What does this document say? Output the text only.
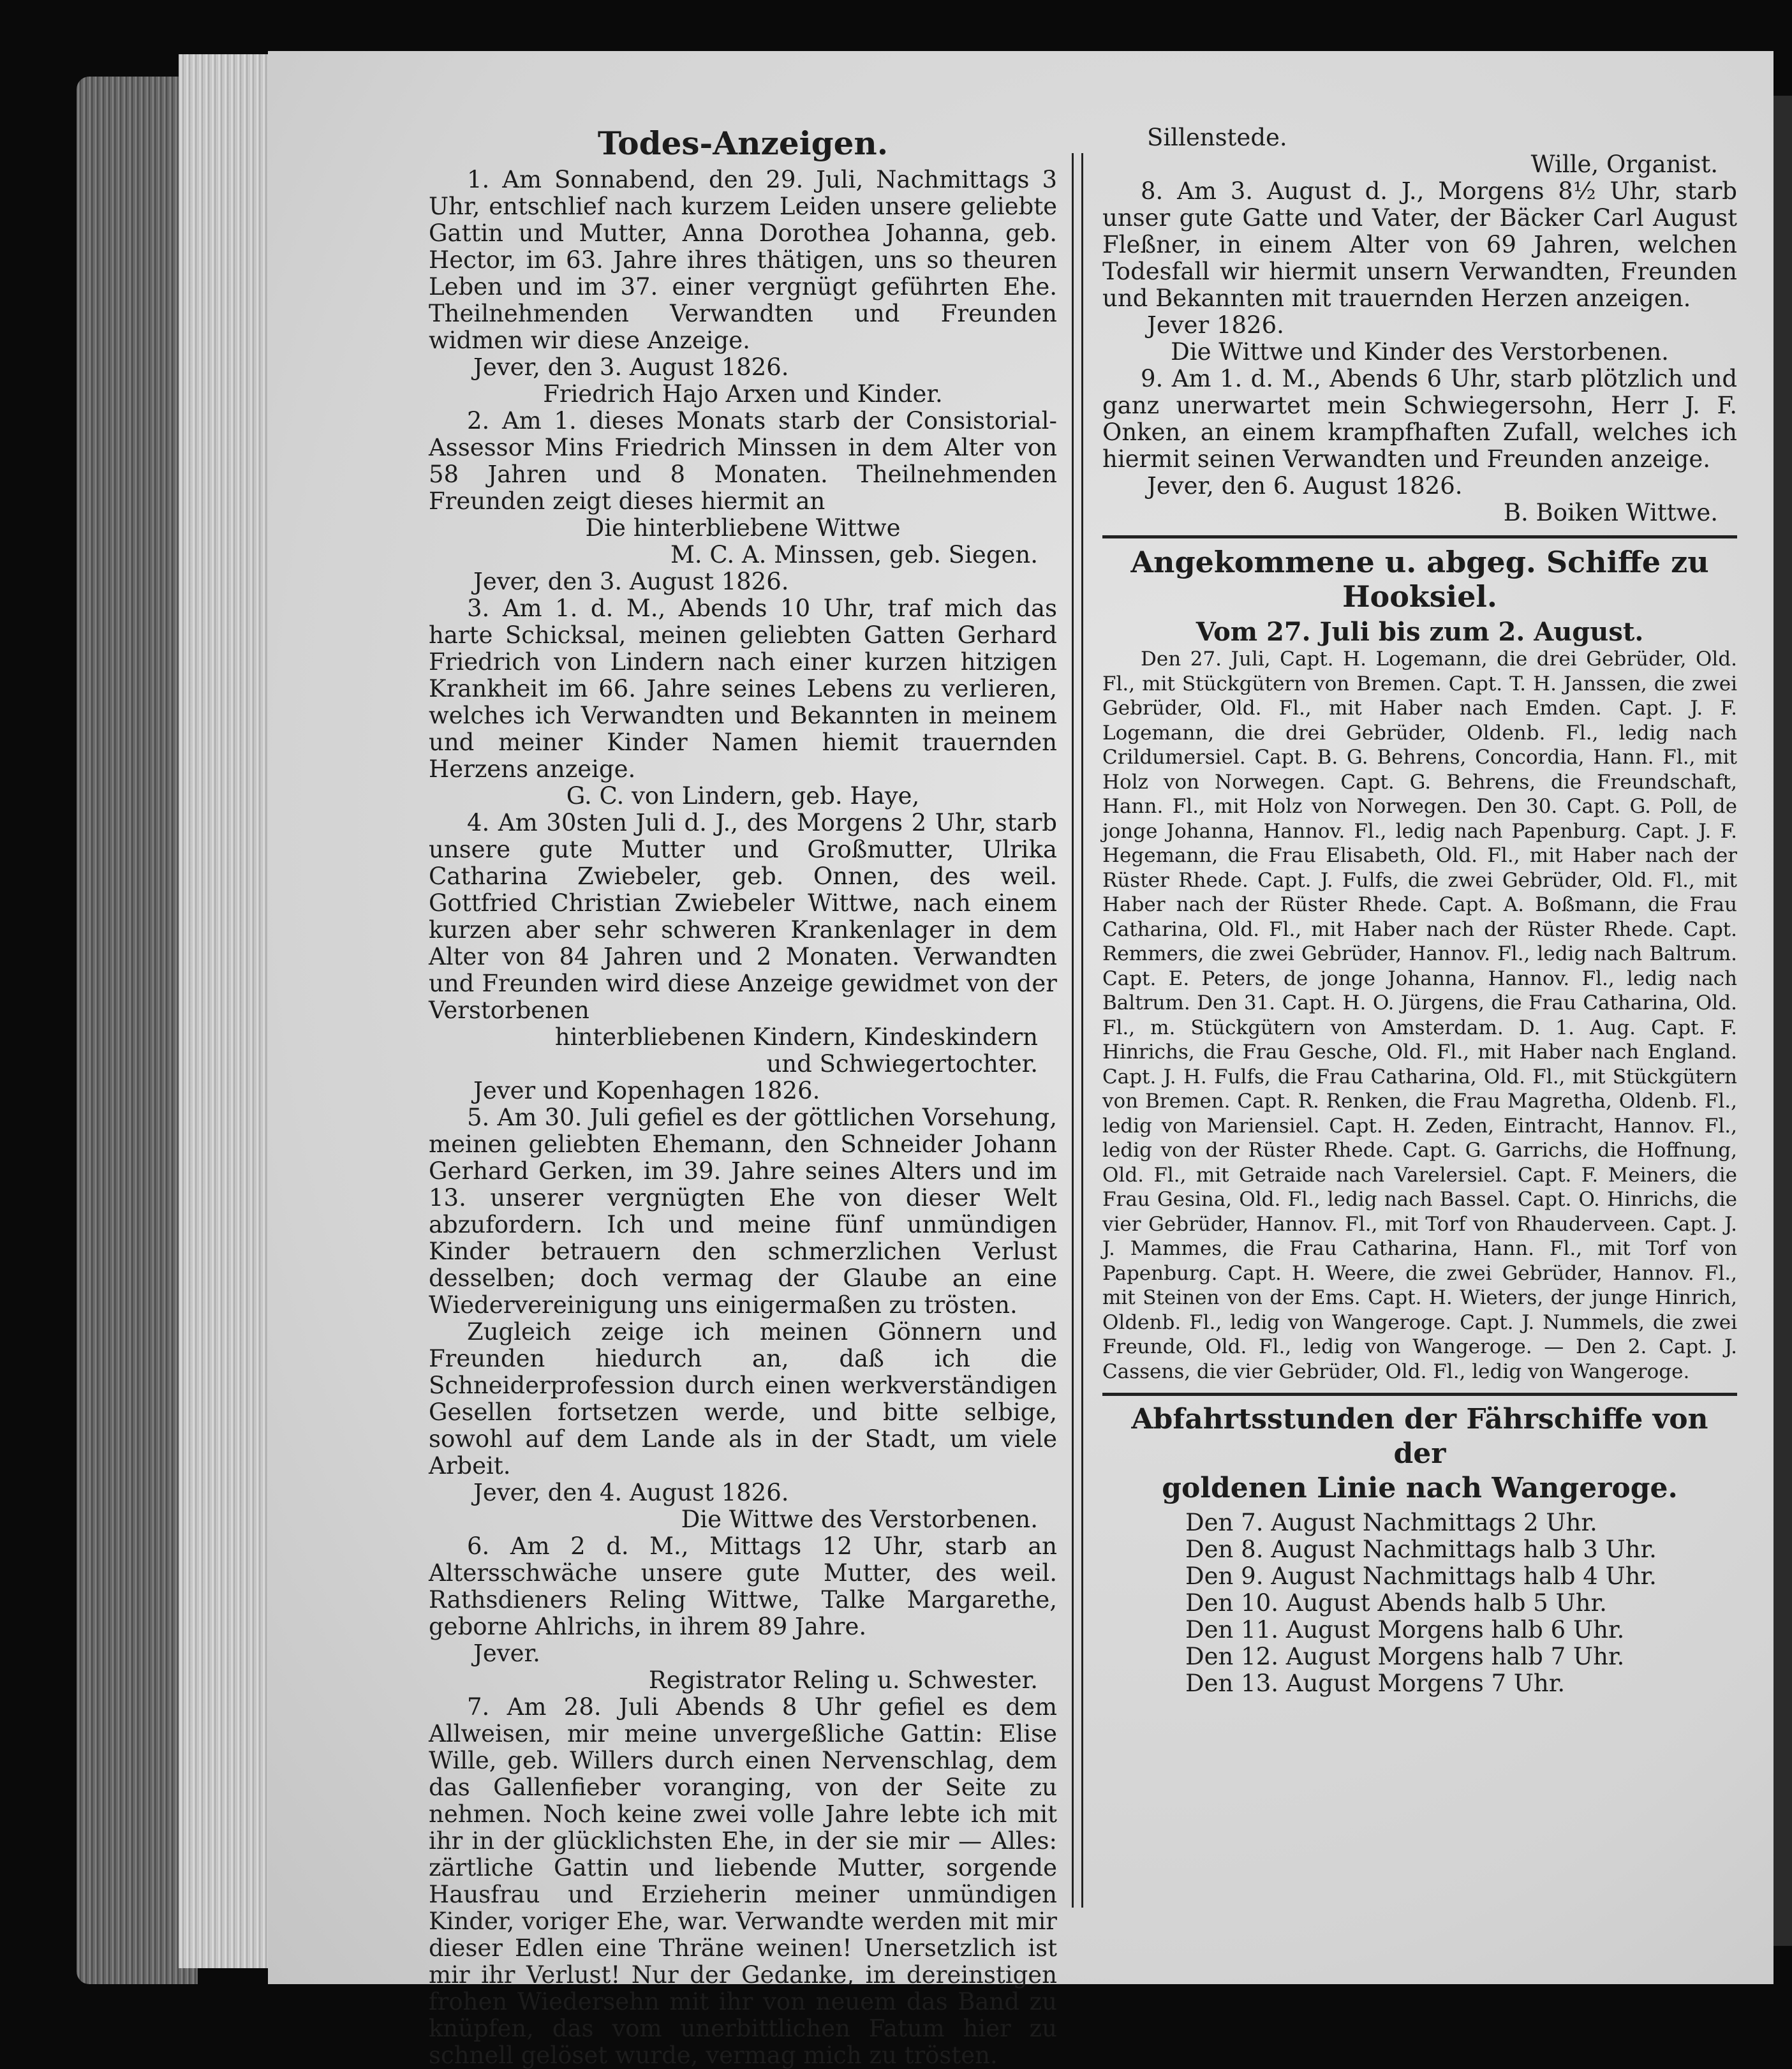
Todes-Anzeigen.

1. Am Sonnabend, den 29. Juli, Nachmittags 3 Uhr, entschlief nach kurzem Leiden unsere geliebte Gattin und Mutter, Anna Dorothea Johanna, geb. Hector, im 63. Jahre ihres thätigen, uns so theuren Leben und im 37. einer vergnügt geführten Ehe. Theilnehmenden Verwandten und Freunden widmen wir diese Anzeige.

Jever, den 3. August 1826.

Friedrich Hajo Arxen und Kinder.

2. Am 1. dieses Monats starb der Consistorial-Assessor Mins Friedrich Minssen in dem Alter von 58 Jahren und 8 Monaten. Theilnehmenden Freunden zeigt dieses hiermit an

Die hinterbliebene Wittwe

M. C. A. Minssen, geb. Siegen.

Jever, den 3. August 1826.

3. Am 1. d. M., Abends 10 Uhr, traf mich das harte Schicksal, meinen geliebten Gatten Gerhard Friedrich von Lindern nach einer kurzen hitzigen Krankheit im 66. Jahre seines Lebens zu verlieren, welches ich Verwandten und Bekannten in meinem und meiner Kinder Namen hiemit trauernden Herzens anzeige.

G. C. von Lindern, geb. Haye,

4. Am 30sten Juli d. J., des Morgens 2 Uhr, starb unsere gute Mutter und Großmutter, Ulrika Catharina Zwiebeler, geb. Onnen, des weil. Gottfried Christian Zwiebeler Wittwe, nach einem kurzen aber sehr schweren Krankenlager in dem Alter von 84 Jahren und 2 Monaten. Verwandten und Freunden wird diese Anzeige gewidmet von der Verstorbenen

hinterbliebenen Kindern, Kindeskindern

und Schwiegertochter.

Jever und Kopenhagen 1826.

5. Am 30. Juli gefiel es der göttlichen Vorsehung, meinen geliebten Ehemann, den Schneider Johann Gerhard Gerken, im 39. Jahre seines Alters und im 13. unserer vergnügten Ehe von dieser Welt abzufordern. Ich und meine fünf unmündigen Kinder betrauern den schmerzlichen Verlust desselben; doch vermag der Glaube an eine Wiedervereinigung uns einigermaßen zu trösten.

Zugleich zeige ich meinen Gönnern und Freunden hiedurch an, daß ich die Schneiderprofession durch einen werkverständigen Gesellen fortsetzen werde, und bitte selbige, sowohl auf dem Lande als in der Stadt, um viele Arbeit.

Jever, den 4. August 1826.

Die Wittwe des Verstorbenen.

6. Am 2 d. M., Mittags 12 Uhr, starb an Altersschwäche unsere gute Mutter, des weil. Rathsdieners Reling Wittwe, Talke Margarethe, geborne Ahlrichs, in ihrem 89 Jahre.

Jever.

Registrator Reling u. Schwester.

7. Am 28. Juli Abends 8 Uhr gefiel es dem Allweisen, mir meine unvergeßliche Gattin: Elise Wille, geb. Willers durch einen Nervenschlag, dem das Gallenfieber voranging, von der Seite zu nehmen. Noch keine zwei volle Jahre lebte ich mit ihr in der glücklichsten Ehe, in der sie mir — Alles: zärtliche Gattin und liebende Mutter, sorgende Hausfrau und Erzieherin meiner unmündigen Kinder, voriger Ehe, war. Verwandte werden mit mir dieser Edlen eine Thräne weinen! Unersetzlich ist mir ihr Verlust! Nur der Gedanke, im dereinstigen frohen Wiedersehn mit ihr von neuem das Band zu knüpfen, das vom unerbittlichen Fatum hier zu schnell gelöset wurde, vermag mich zu trösten.

Sillenstede.

Wille, Organist.

8. Am 3. August d. J., Morgens 8½ Uhr, starb unser gute Gatte und Vater, der Bäcker Carl August Fleßner, in einem Alter von 69 Jahren, welchen Todesfall wir hiermit unsern Verwandten, Freunden und Bekannten mit trauernden Herzen anzeigen.

Jever 1826.

Die Wittwe und Kinder des Verstorbenen.

9. Am 1. d. M., Abends 6 Uhr, starb plötzlich und ganz unerwartet mein Schwiegersohn, Herr J. F. Onken, an einem krampfhaften Zufall, welches ich hiermit seinen Verwandten und Freunden anzeige.

Jever, den 6. August 1826.

B. Boiken Wittwe.

Angekommene u. abgeg. Schiffe zu Hooksiel.
Vom 27. Juli bis zum 2. August.

Den 27. Juli, Capt. H. Logemann, die drei Gebrüder, Old. Fl., mit Stückgütern von Bremen. Capt. T. H. Janssen, die zwei Gebrüder, Old. Fl., mit Haber nach Emden. Capt. J. F. Logemann, die drei Gebrüder, Oldenb. Fl., ledig nach Crildumersiel. Capt. B. G. Behrens, Concordia, Hann. Fl., mit Holz von Norwegen. Capt. G. Behrens, die Freundschaft, Hann. Fl., mit Holz von Norwegen. Den 30. Capt. G. Poll, de jonge Johanna, Hannov. Fl., ledig nach Papenburg. Capt. J. F. Hegemann, die Frau Elisabeth, Old. Fl., mit Haber nach der Rüster Rhede. Capt. J. Fulfs, die zwei Gebrüder, Old. Fl., mit Haber nach der Rüster Rhede. Capt. A. Boßmann, die Frau Catharina, Old. Fl., mit Haber nach der Rüster Rhede. Capt. Remmers, die zwei Gebrüder, Hannov. Fl., ledig nach Baltrum. Capt. E. Peters, de jonge Johanna, Hannov. Fl., ledig nach Baltrum. Den 31. Capt. H. O. Jürgens, die Frau Catharina, Old. Fl., m. Stückgütern von Amsterdam. D. 1. Aug. Capt. F. Hinrichs, die Frau Gesche, Old. Fl., mit Haber nach England. Capt. J. H. Fulfs, die Frau Catharina, Old. Fl., mit Stückgütern von Bremen. Capt. R. Renken, die Frau Magretha, Oldenb. Fl., ledig von Mariensiel. Capt. H. Zeden, Eintracht, Hannov. Fl., ledig von der Rüster Rhede. Capt. G. Garrichs, die Hoffnung, Old. Fl., mit Getraide nach Varelersiel. Capt. F. Meiners, die Frau Gesina, Old. Fl., ledig nach Bassel. Capt. O. Hinrichs, die vier Gebrüder, Hannov. Fl., mit Torf von Rhauderveen. Capt. J. J. Mammes, die Frau Catharina, Hann. Fl., mit Torf von Papenburg. Capt. H. Weere, die zwei Gebrüder, Hannov. Fl., mit Steinen von der Ems. Capt. H. Wieters, der junge Hinrich, Oldenb. Fl., ledig von Wangeroge. Capt. J. Nummels, die zwei Freunde, Old. Fl., ledig von Wangeroge. — Den 2. Capt. J. Cassens, die vier Gebrüder, Old. Fl., ledig von Wangeroge.

Abfahrtsstunden der Fährschiffe von der
goldenen Linie nach Wangeroge.
Den 7. August Nachmittags 2 Uhr.
Den 8. August Nachmittags halb 3 Uhr.
Den 9. August Nachmittags halb 4 Uhr.
Den 10. August Abends halb 5 Uhr.
Den 11. August Morgens halb 6 Uhr.
Den 12. August Morgens halb 7 Uhr.
Den 13. August Morgens 7 Uhr.
